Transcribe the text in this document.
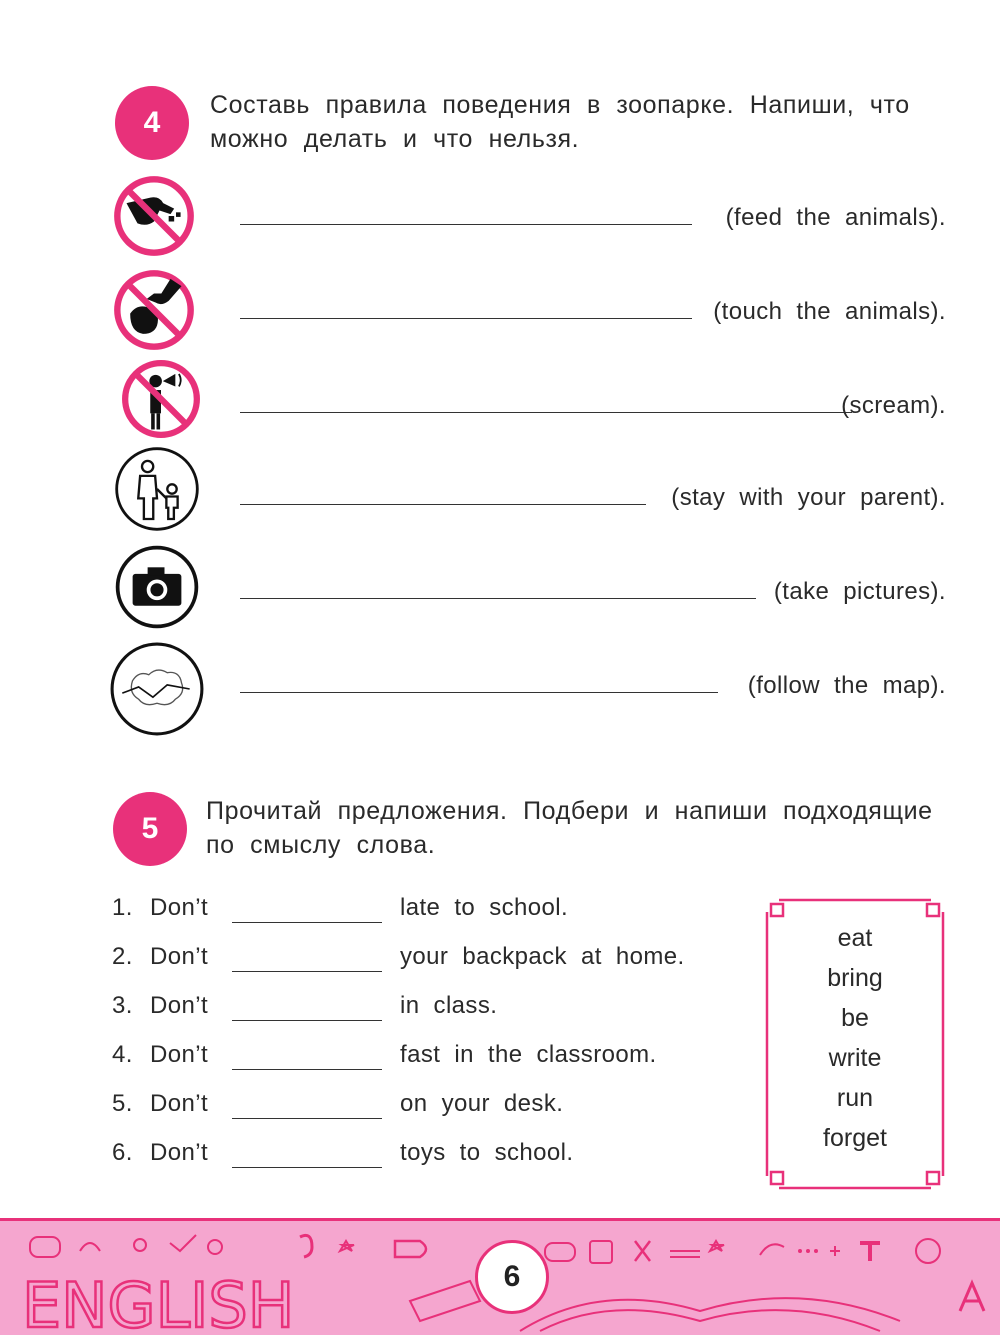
4
Составь правила поведения в зоопарке. Напиши, что
можно делать и что нельзя.
(feed the animals).
(touch the animals).
(scream).
(stay with your parent).
(take pictures).
(follow the map).
5
Прочитай предложения. Подбери и напиши подходящие
по смыслу слова.
1. Don’t	late to school.
2. Don’t	your backpack at home.
3. Don’t	in class.
4. Don’t	fast in the classroom.
5. Don’t	on your desk.
6. Don’t	toys to school.
eat
bring
be
write
run
forget
ENGLISH	6
